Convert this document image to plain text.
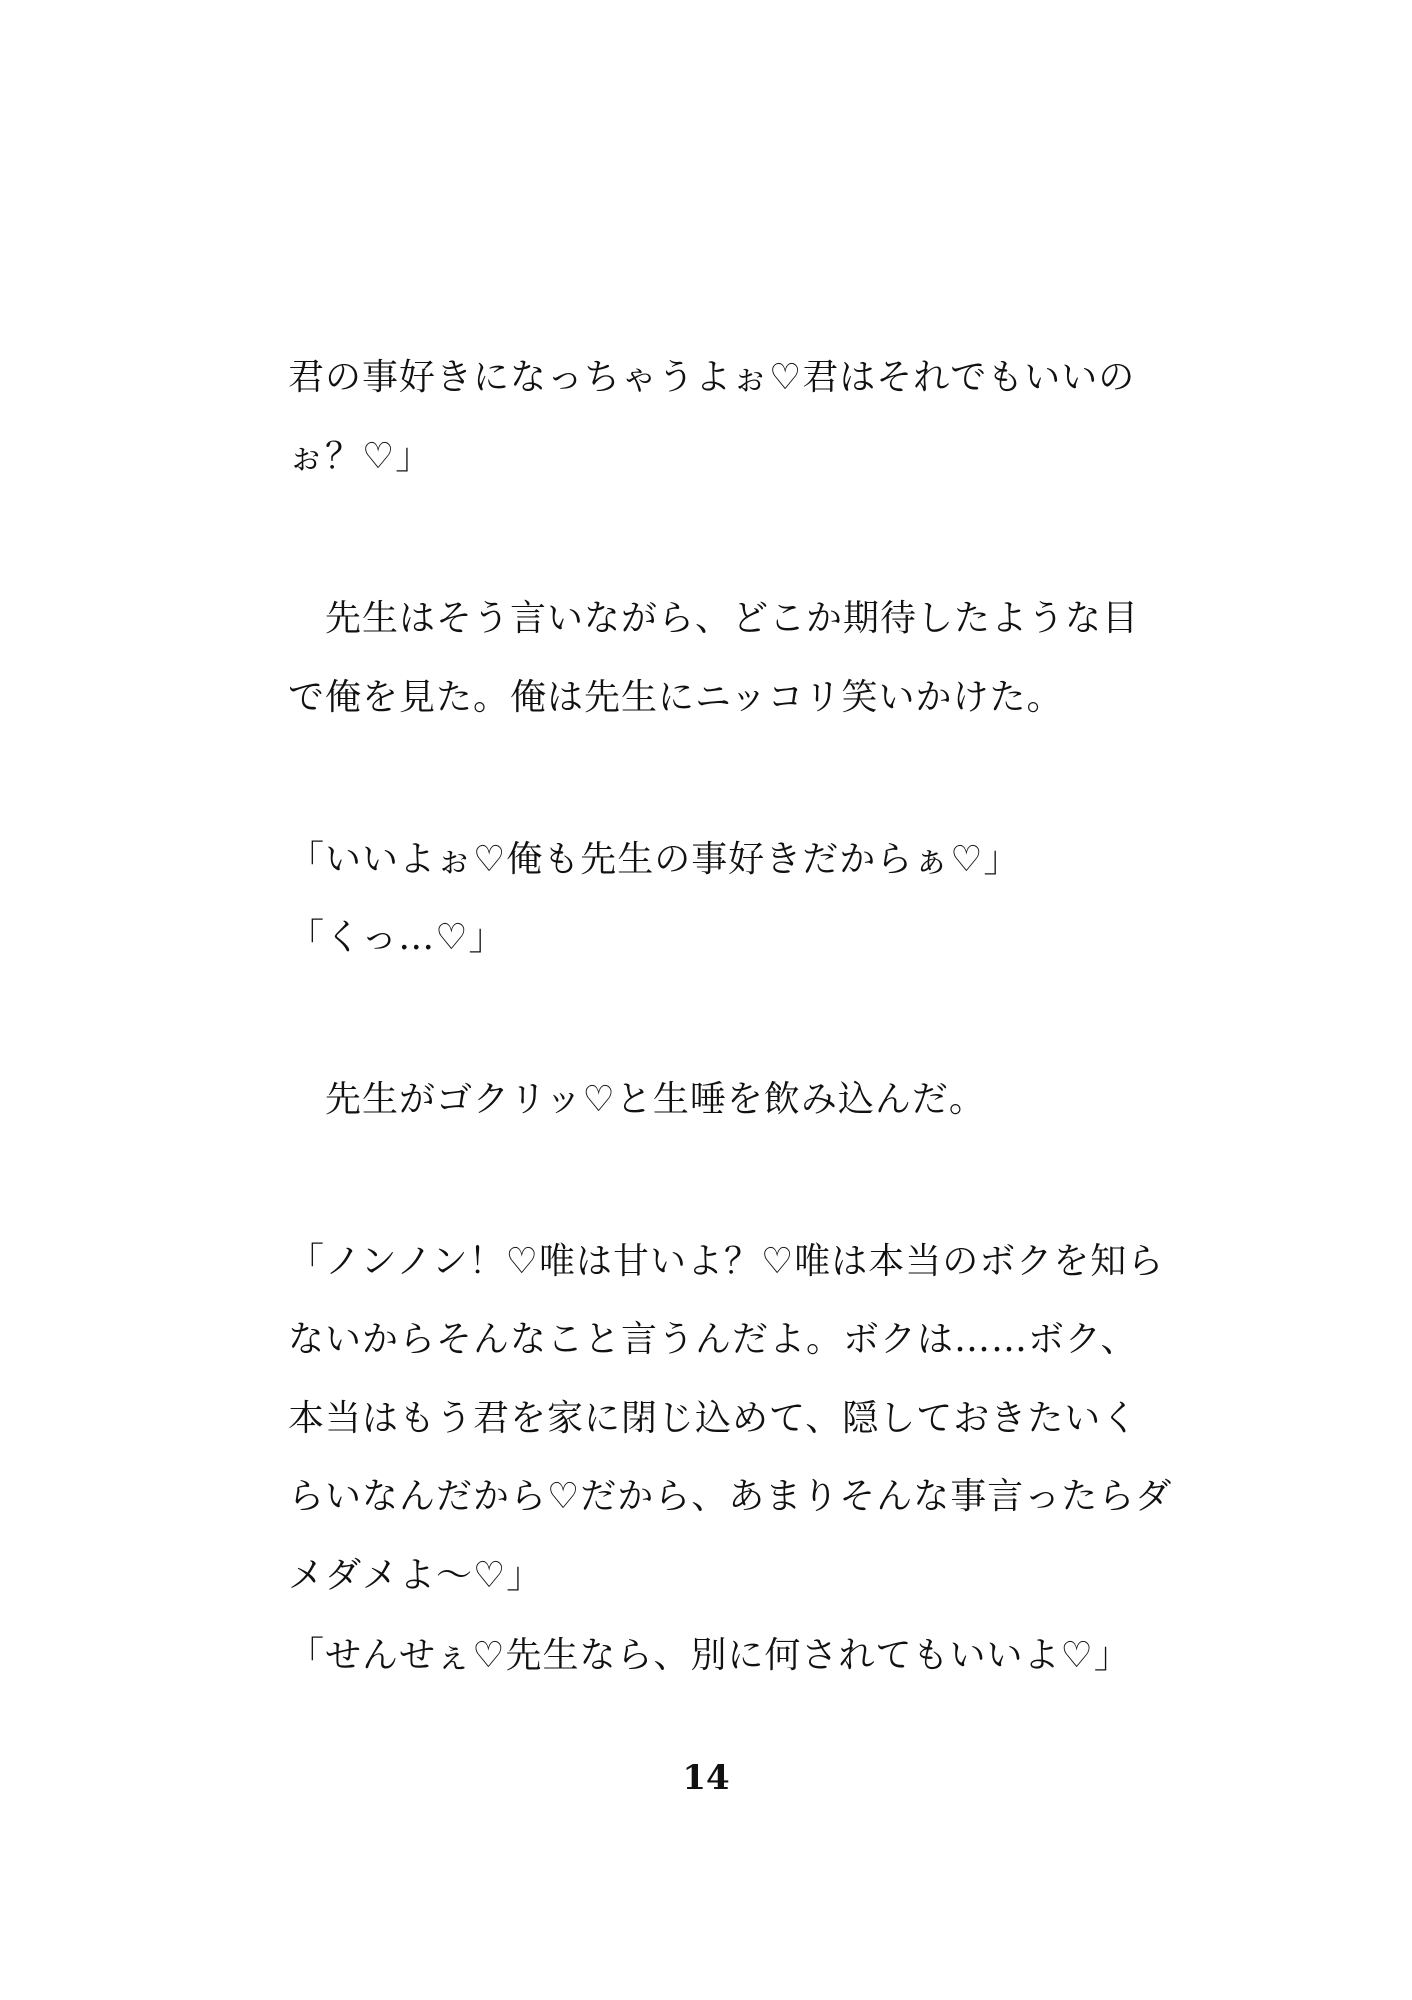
君の事好きになっちゃうよぉ♡君はそれでもいいの
ぉ？♡」
　先生はそう言いながら、どこか期待したような目
で俺を見た。俺は先生にニッコリ笑いかけた。
「いいよぉ♡俺も先生の事好きだからぁ♡」
「くっ…♡」
　先生がゴクリッ♡と生唾を飲み込んだ。
「ノンノン！♡唯は甘いよ？♡唯は本当のボクを知ら
ないからそんなこと言うんだよ。ボクは……ボク、
本当はもう君を家に閉じ込めて、隠しておきたいく
らいなんだから♡だから、あまりそんな事言ったらダ
メダメよ〜♡」
「せんせぇ♡先生なら、別に何されてもいいよ♡」
14
